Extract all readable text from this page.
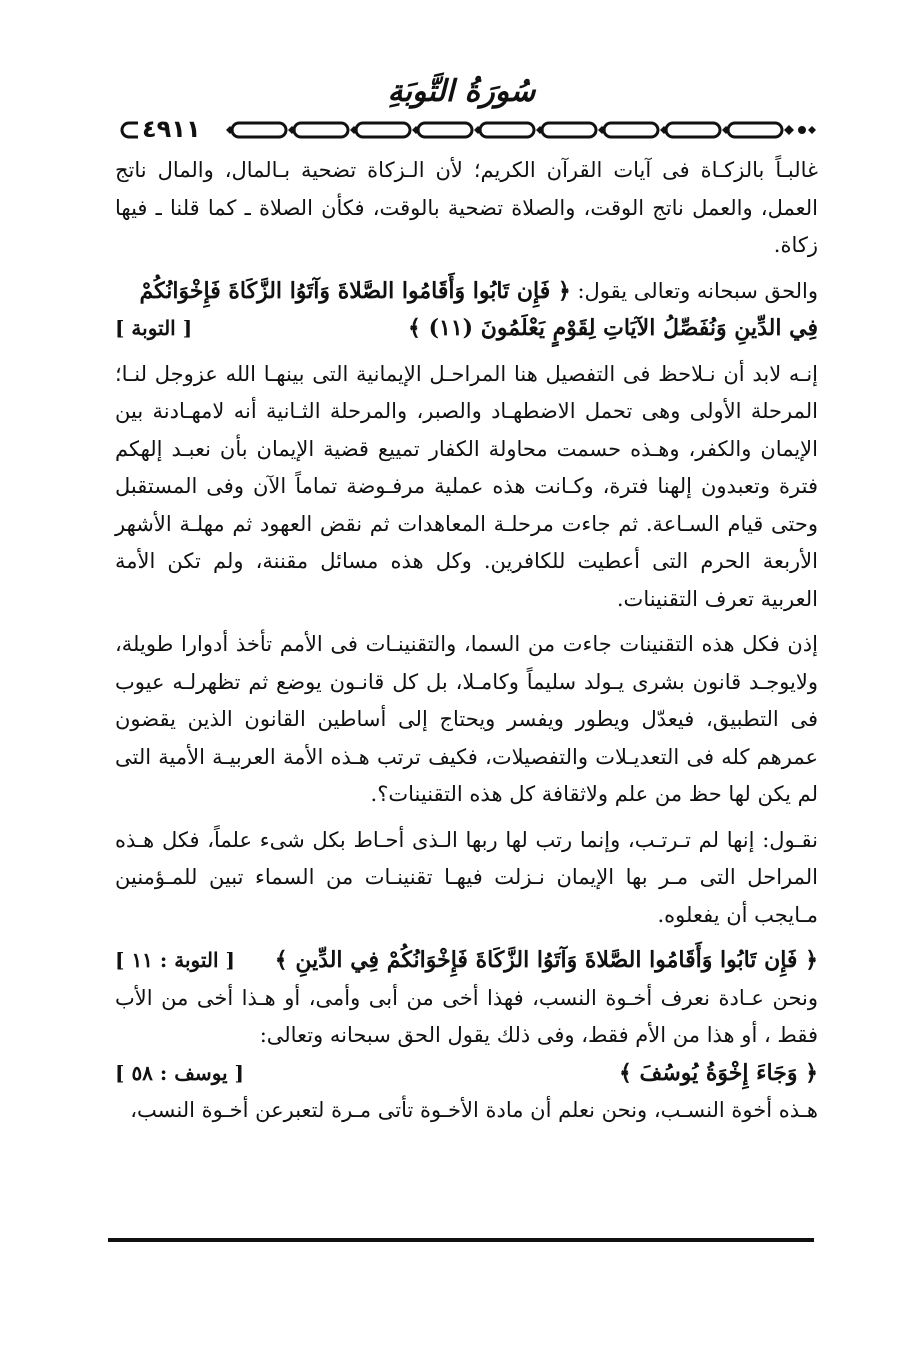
سُورَةُ التَّوبَةِ
٤٩١١

غالبـاً بالزكـاة فى آيات القرآن الكريم؛ لأن الـزكاة تضحية بـالمال، والمال ناتج العمل، والعمل ناتج الوقت، والصلاة تضحية بالوقت، فكأن الصلاة ـ كما قلنا ـ فيها زكاة.

والحق سبحانه وتعالى يقول: ﴿ فَإِن تَابُوا وَأَقَامُوا الصَّلاةَ وَآتَوُا الزَّكَاةَ فَإِخْوَانُكُمْ

فِي الدِّينِ وَنُفَصِّلُ الآيَاتِ لِقَوْمٍ يَعْلَمُونَ (١١) ﴾
[ التوبة ]

إنـه لابد أن نـلاحظ فى التفصيل هنا المراحـل الإيمانية التى بينهـا الله عزوجل لنـا؛ المرحلة الأولى وهى تحمل الاضطهـاد والصبر، والمرحلة الثـانية أنه لامهـادنة بين الإيمان والكفر، وهـذه حسمت محاولة الكفار تمييع قضية الإيمان بأن نعبـد إلهكم فترة وتعبدون إلهنا فترة، وكـانت هذه عملية مرفـوضة تماماً الآن وفى المستقبل وحتى قيام السـاعة. ثم جاءت مرحلـة المعاهدات ثم نقض العهود ثم مهلـة الأشهر الأربعة الحرم التى أعطيت للكافرين. وكل هذه مسائل مقننة، ولم تكن الأمة العربية تعرف التقنينات.

إذن فكل هذه التقنينات جاءت من السما، والتقنينـات فى الأمم تأخذ أدوارا طويلة، ولايوجـد قانون بشرى يـولد سليماً وكامـلا، بل كل قانـون يوضع ثم تظهرلـه عيوب فى التطبيق، فيعدّل ويطور ويفسر ويحتاج إلى أساطين القانون الذين يقضون عمرهم كله فى التعديـلات والتفصيلات، فكيف ترتب هـذه الأمة العربيـة الأمية التى لم يكن لها حظ من علم ولاثقافة كل هذه التقنينات؟.

نقـول: إنها لم تـرتـب، وإنما رتب لها ربها الـذى أحـاط بكل شىء علماً، فكل هـذه المراحل التى مـر بها الإيمان نـزلت فيهـا تقنينـات من السماء تبين للمـؤمنين مـايجب أن يفعلوه.

﴿ فَإِن تَابُوا وَأَقَامُوا الصَّلاةَ وَآتَوُا الزَّكَاةَ فَإِخْوَانُكُمْ فِي الدِّينِ ﴾
[ التوبة : ١١ ]

ونحن عـادة نعرف أخـوة النسب، فهذا أخى من أبى وأمى، أو هـذا أخى من الأب فقط ، أو هذا من الأم فقط، وفى ذلك يقول الحق سبحانه وتعالى:

﴿ وَجَاءَ إِخْوَةُ يُوسُفَ ﴾
[ يوسف : ٥٨ ]

هـذه أخوة النسـب، ونحن نعلم أن مادة الأخـوة تأتى مـرة لتعبرعن أخـوة النسب،
